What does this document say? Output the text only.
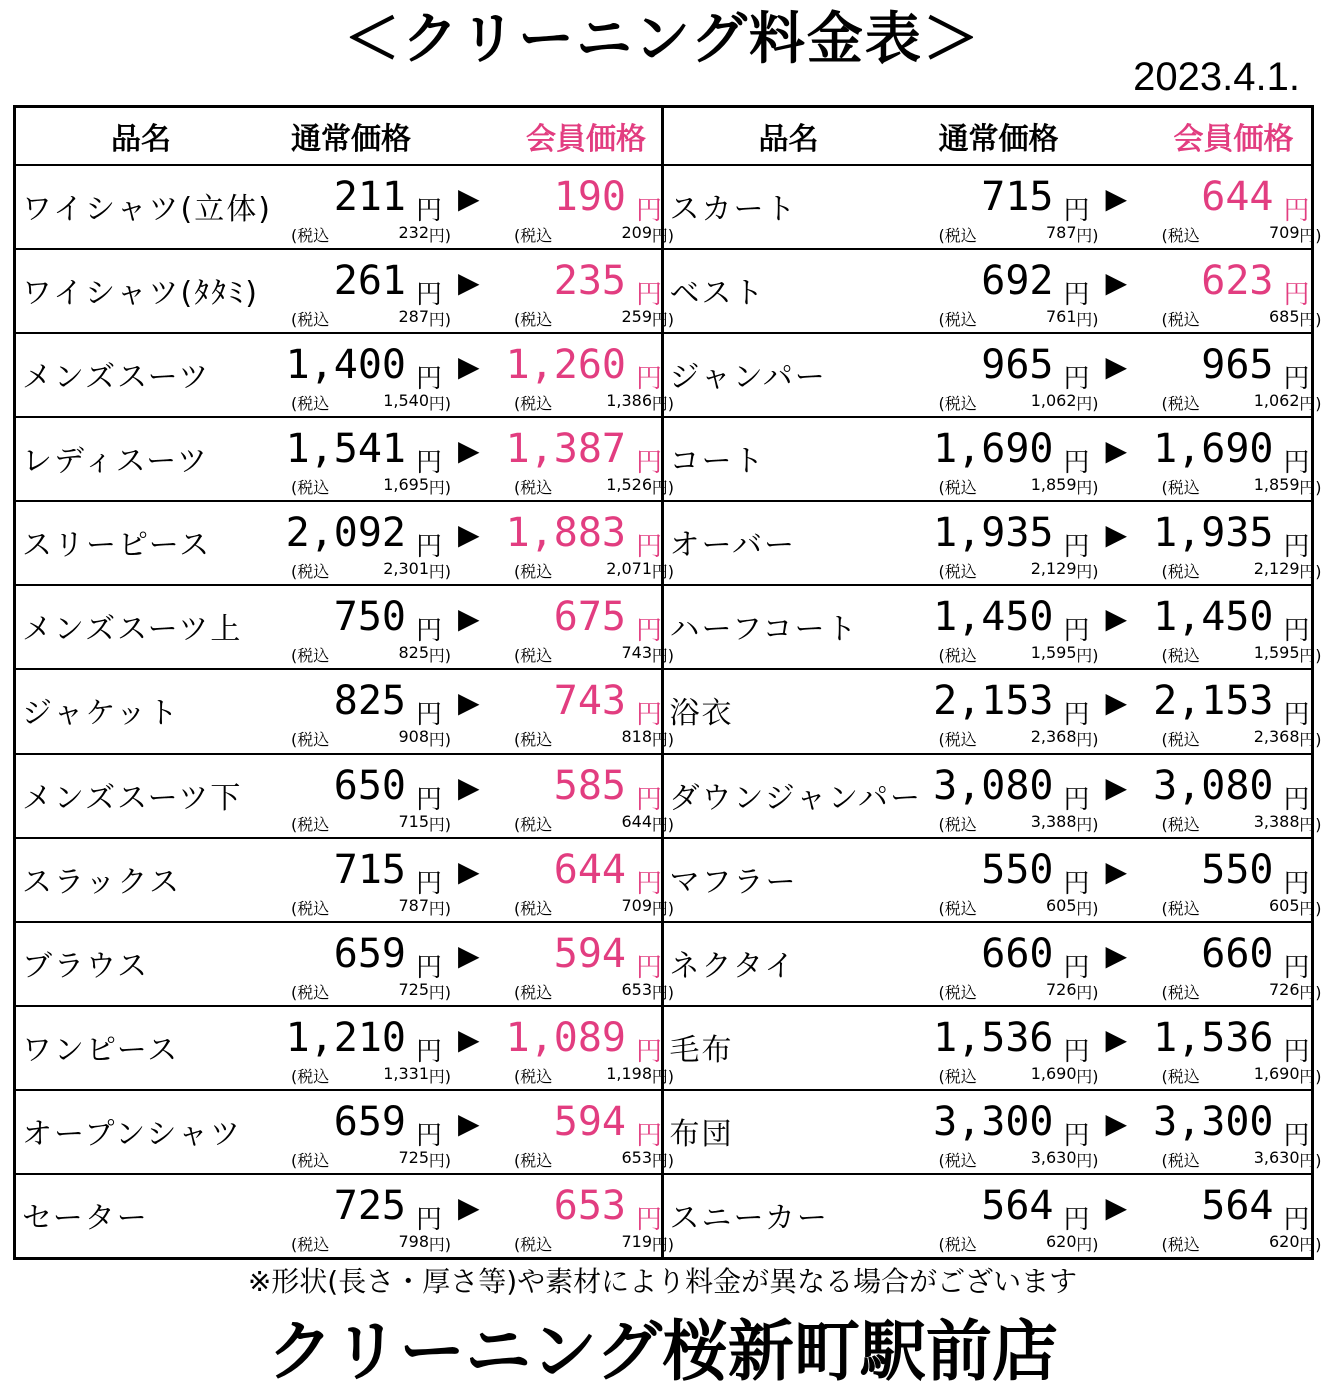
＜クリーニング料金表＞
2023.4.1.
品名	通常価格	会員価格
ワイシャツ(立体)	211 円 ▶	190 円
(税込	232 円)	(税込	209 円)
ワイシャツ(ﾀﾀﾐ)	261 円 ▶	235 円
(税込	287 円)	(税込	259 円)
メンズスーツ	1,400 円 ▶ 1,260 円
(税込	1,540 円)	(税込	1,386 円)
レディスーツ	1,541 円 ▶ 1,387 円
(税込	1,695 円)	(税込	1,526 円)
スリーピース	2,092 円 ▶ 1,883 円
(税込	2,301 円)	(税込	2,071 円)
メンズスーツ上	750 円 ▶	675 円
(税込	825 円)	(税込	743 円)
ジャケット	825 円 ▶	743 円
(税込	908 円)	(税込	818 円)
メンズスーツ下	650 円 ▶	585 円
(税込	715 円)	(税込	644 円)
スラックス	715 円 ▶	644 円
(税込	787 円)	(税込	709 円)
ブラウス	659 円 ▶	594 円
(税込	725 円)	(税込	653 円)
ワンピース	1,210 円 ▶ 1,089 円
(税込	1,331 円)	(税込	1,198 円)
オープンシャツ	659 円 ▶	594 円
(税込	725 円)	(税込	653 円)
セーター	725 円 ▶	653 円
(税込	798 円)	(税込	719 円)
品名	通常価格	会員価格
スカート	715 円 ▶	644 円
(税込	787 円)	(税込	709 円)
ベスト	692 円 ▶	623 円
(税込	761 円)	(税込	685 円)
ジャンパー	965 円 ▶	965 円
(税込	1,062 円)	(税込	1,062 円)
コート	1,690 円 ▶ 1,690 円
(税込	1,859 円)	(税込	1,859 円)
オーバー	1,935 円 ▶ 1,935 円
(税込	2,129 円)	(税込	2,129 円)
ハーフコート	1,450 円 ▶ 1,450 円
(税込	1,595 円)	(税込	1,595 円)
浴衣	2,153 円 ▶ 2,153 円
(税込	2,368 円)	(税込	2,368 円)
ダウンジャンパー 3,080 円 ▶ 3,080 円
(税込	3,388 円)	(税込	3,388 円)
マフラー	550 円 ▶	550 円
(税込	605 円)	(税込	605 円)
ネクタイ	660 円 ▶	660 円
(税込	726 円)	(税込	726 円)
毛布	1,536 円 ▶ 1,536 円
(税込	1,690 円)	(税込	1,690 円)
布団	3,300 円 ▶ 3,300 円
(税込	3,630 円)	(税込	3,630 円)
スニーカー	564 円 ▶	564 円
(税込	620 円)	(税込	620 円)
※形状(長さ・厚さ等)や素材により料金が異なる場合がございます
クリーニング桜新町駅前店
